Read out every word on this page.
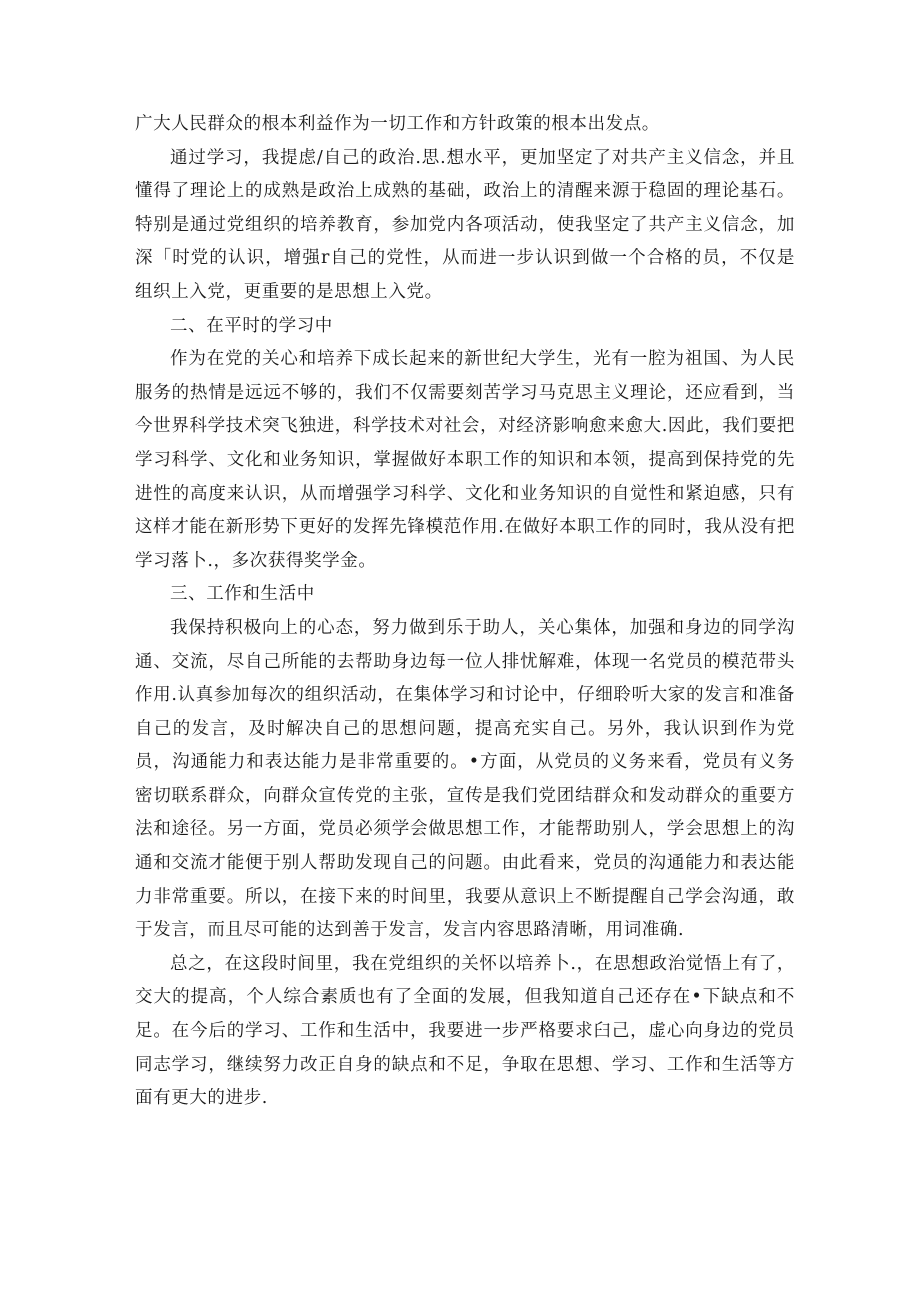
广大人民群众的根本利益作为一切工作和方针政策的根本出发点。

通过学习，我提虑/自己的政治.思.想水平，更加坚定了对共产主义信念，并且懂得了理论上的成熟是政治上成熟的基础，政治上的清醒来源于稳固的理论基石。特别是通过党组织的培养教育，参加党内各项活动，使我坚定了共产主义信念，加深「时党的认识，增强r自己的党性，从而进一步认识到做一个合格的员，不仅是组织上入党，更重要的是思想上入党。

二、在平时的学习中

作为在党的关心和培养下成长起来的新世纪大学生，光有一腔为祖国、为人民服务的热情是远远不够的，我们不仅需要刻苦学习马克思主义理论，还应看到，当今世界科学技术突飞独进，科学技术对社会，对经济影响愈来愈大.因此，我们要把学习科学、文化和业务知识，掌握做好本职工作的知识和本领，提高到保持党的先进性的高度来认识，从而增强学习科学、文化和业务知识的自觉性和紧迫感，只有这样才能在新形势下更好的发挥先锋模范作用.在做好本职工作的同时，我从没有把学习落卜.，多次获得奖学金。

三、工作和生活中

我保持积极向上的心态，努力做到乐于助人，关心集体，加强和身边的同学沟通、交流，尽自己所能的去帮助身边每一位人排忧解难，体现一名党员的模范带头作用.认真参加每次的组织活动，在集体学习和讨论中，仔细聆听大家的发言和准备自己的发言，及时解决自己的思想问题，提高充实自己。另外，我认识到作为党员，沟通能力和表达能力是非常重要的。•方面，从党员的义务来看，党员有义务密切联系群众，向群众宣传党的主张，宣传是我们党团结群众和发动群众的重要方法和途径。另一方面，党员必须学会做思想工作，才能帮助别人，学会思想上的沟通和交流才能便于别人帮助发现自己的问题。由此看来，党员的沟通能力和表达能力非常重要。所以，在接下来的时间里，我要从意识上不断提醒自己学会沟通，敢于发言，而且尽可能的达到善于发言，发言内容思路清晰，用词准确.

总之，在这段时间里，我在党组织的关怀以培养卜.，在思想政治觉悟上有了，交大的提高，个人综合素质也有了全面的发展，但我知道自己还存在•下缺点和不足。在今后的学习、工作和生活中，我要进一步严格要求臼己，虚心向身边的党员同志学习，继续努力改正自身的缺点和不足，争取在思想、学习、工作和生活等方面有更大的进步.
